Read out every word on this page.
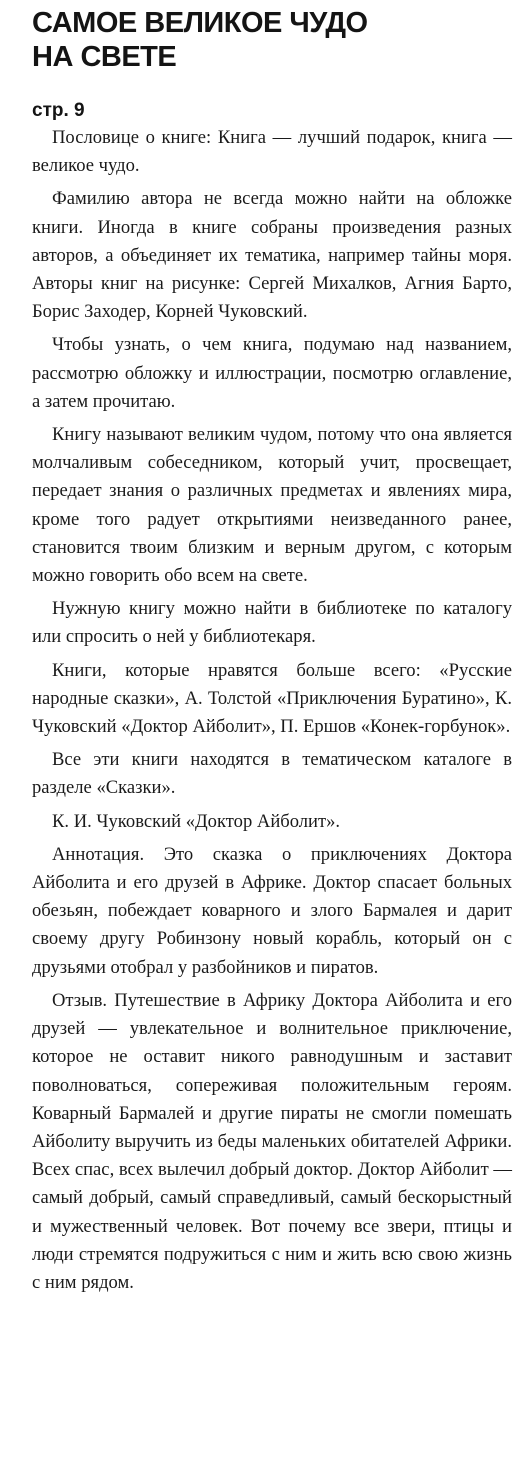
САМОЕ ВЕЛИКОЕ ЧУДО
НА СВЕТЕ
стр. 9

Пословице о книге: Книга — лучший подарок, книга — великое чудо.

Фамилию автора не всегда можно найти на обложке книги. Иногда в книге собраны произведения разных авторов, а объединяет их тематика, например тайны моря. Авторы книг на рисунке: Сергей Михалков, Агния Барто, Борис Заходер, Корней Чуковский.

Чтобы узнать, о чем книга, подумаю над названием, рассмотрю обложку и иллюстрации, посмотрю оглавление, а затем прочитаю.

Книгу называют великим чудом, потому что она является молчаливым собеседником, который учит, просвещает, передает знания о различных предметах и явлениях мира, кроме того радует открытиями неизведанного ранее, становится твоим близким и верным другом, с которым можно говорить обо всем на свете.

Нужную книгу можно найти в библиотеке по каталогу или спросить о ней у библиотекаря.

Книги, которые нравятся больше всего: «Русские народные сказки», А. Толстой «Приключения Буратино», К. Чуковский «Доктор Айболит», П. Ершов «Конек-горбунок».

Все эти книги находятся в тематическом каталоге в разделе «Сказки».

К. И. Чуковский «Доктор Айболит».

Аннотация. Это сказка о приключениях Доктора Айболита и его друзей в Африке. Доктор спасает больных обезьян, побеждает коварного и злого Бармалея и дарит своему другу Робинзону новый корабль, который он с друзьями отобрал у разбойников и пиратов.

Отзыв. Путешествие в Африку Доктора Айболита и его друзей — увлекательное и волнительное приключение, которое не оставит никого равнодушным и заставит поволноваться, сопереживая положительным героям. Коварный Бармалей и другие пираты не смогли помешать Айболиту выручить из беды маленьких обитателей Африки. Всех спас, всех вылечил добрый доктор. Доктор Айболит — самый добрый, самый справедливый, самый бескорыстный и мужественный человек. Вот почему все звери, птицы и люди стремятся подружиться с ним и жить всю свою жизнь с ним рядом.
